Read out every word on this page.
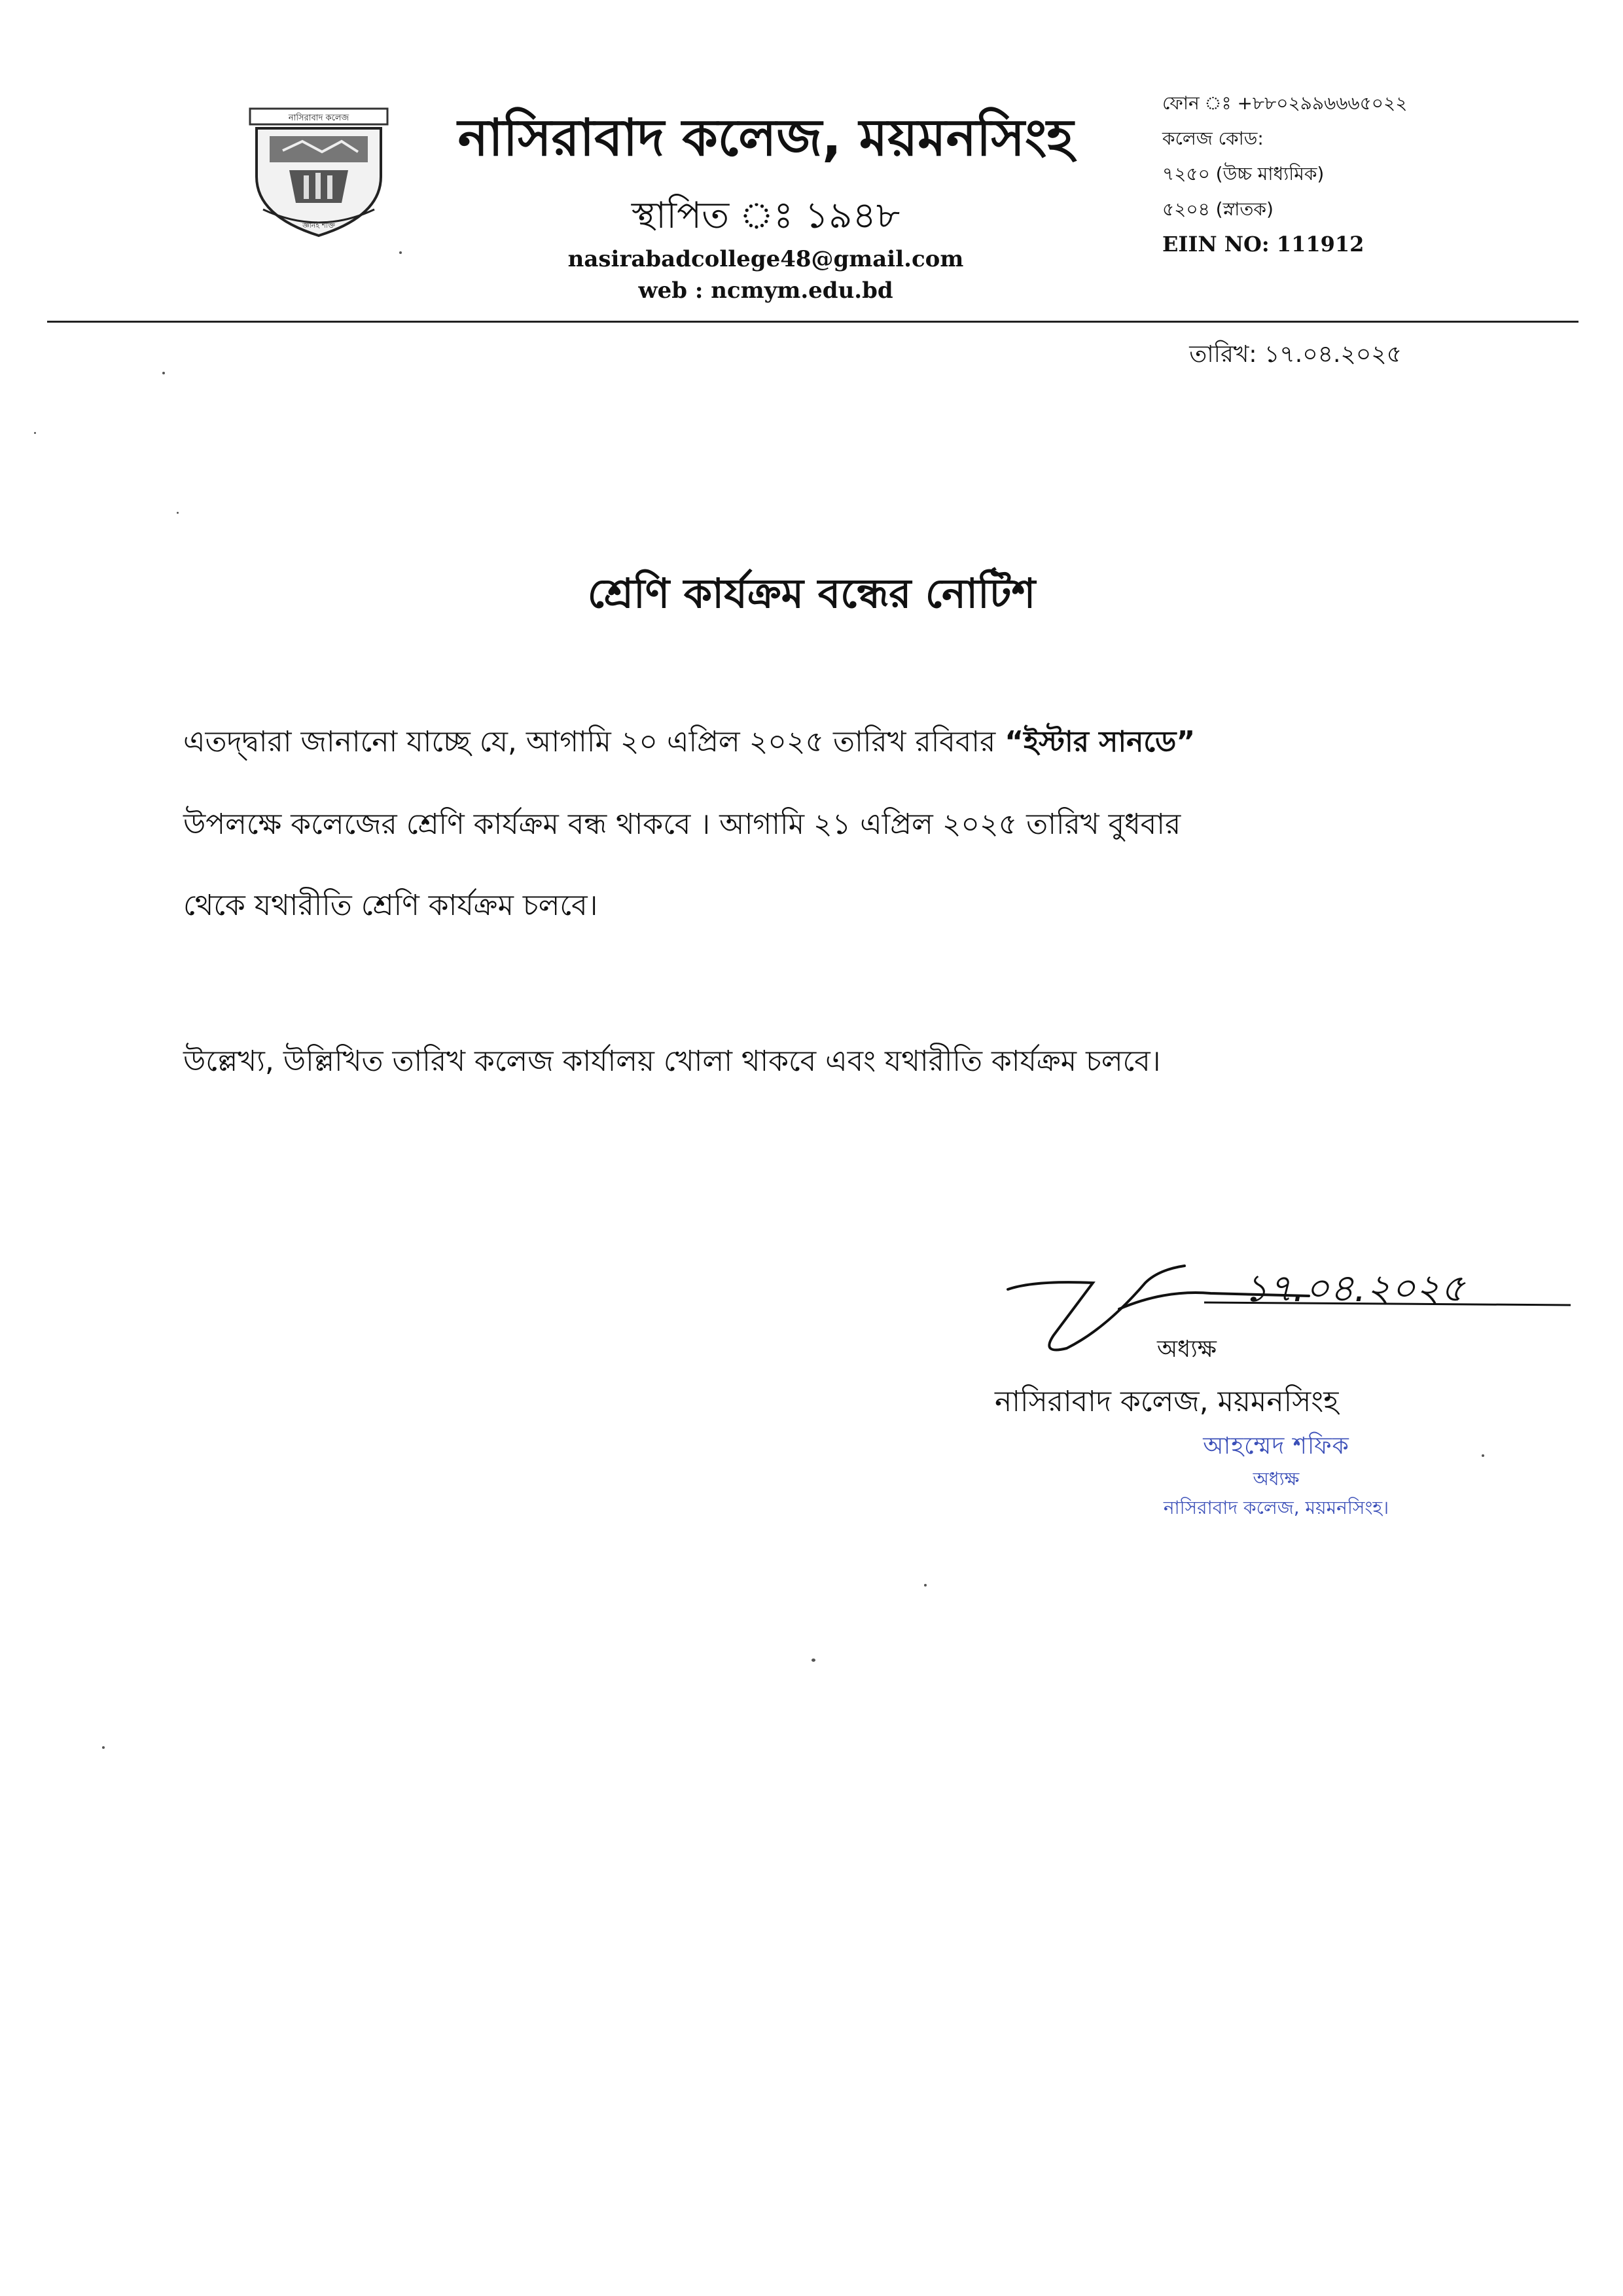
নাসিরাবাদ কলেজ
জ্ঞানই শক্তি
নাসিরাবাদ কলেজ, ময়মনসিংহ
স্থাপিত ঃ ১৯৪৮
nasirabadcollege48@gmail.com
web : ncmym.edu.bd
ফোন ঃ +৮৮০২৯৯৬৬৬৫০২২
কলেজ কোড:
৭২৫০ (উচ্চ মাধ্যমিক)
৫২০৪ (স্নাতক)
EIIN NO: 111912
তারিখ: ১৭.০৪.২০২৫
শ্রেণি কার্যক্রম বন্ধের নোটিশ
এতদ্দ্বারা জানানো যাচ্ছে যে, আগামি ২০ এপ্রিল ২০২৫ তারিখ রবিবার “ইস্টার সানডে”
উপলক্ষে কলেজের শ্রেণি কার্যক্রম বন্ধ থাকবে । আগামি ২১ এপ্রিল ২০২৫ তারিখ বুধবার
থেকে যথারীতি শ্রেণি কার্যক্রম চলবে।
উল্লেখ্য, উল্লিখিত তারিখ কলেজ কার্যালয় খোলা থাকবে এবং যথারীতি কার্যক্রম চলবে।
১৭.০৪.২০২৫
অধ্যক্ষ
নাসিরাবাদ কলেজ, ময়মনসিংহ
আহম্মেদ শফিক
অধ্যক্ষ
নাসিরাবাদ কলেজ, ময়মনসিংহ।
